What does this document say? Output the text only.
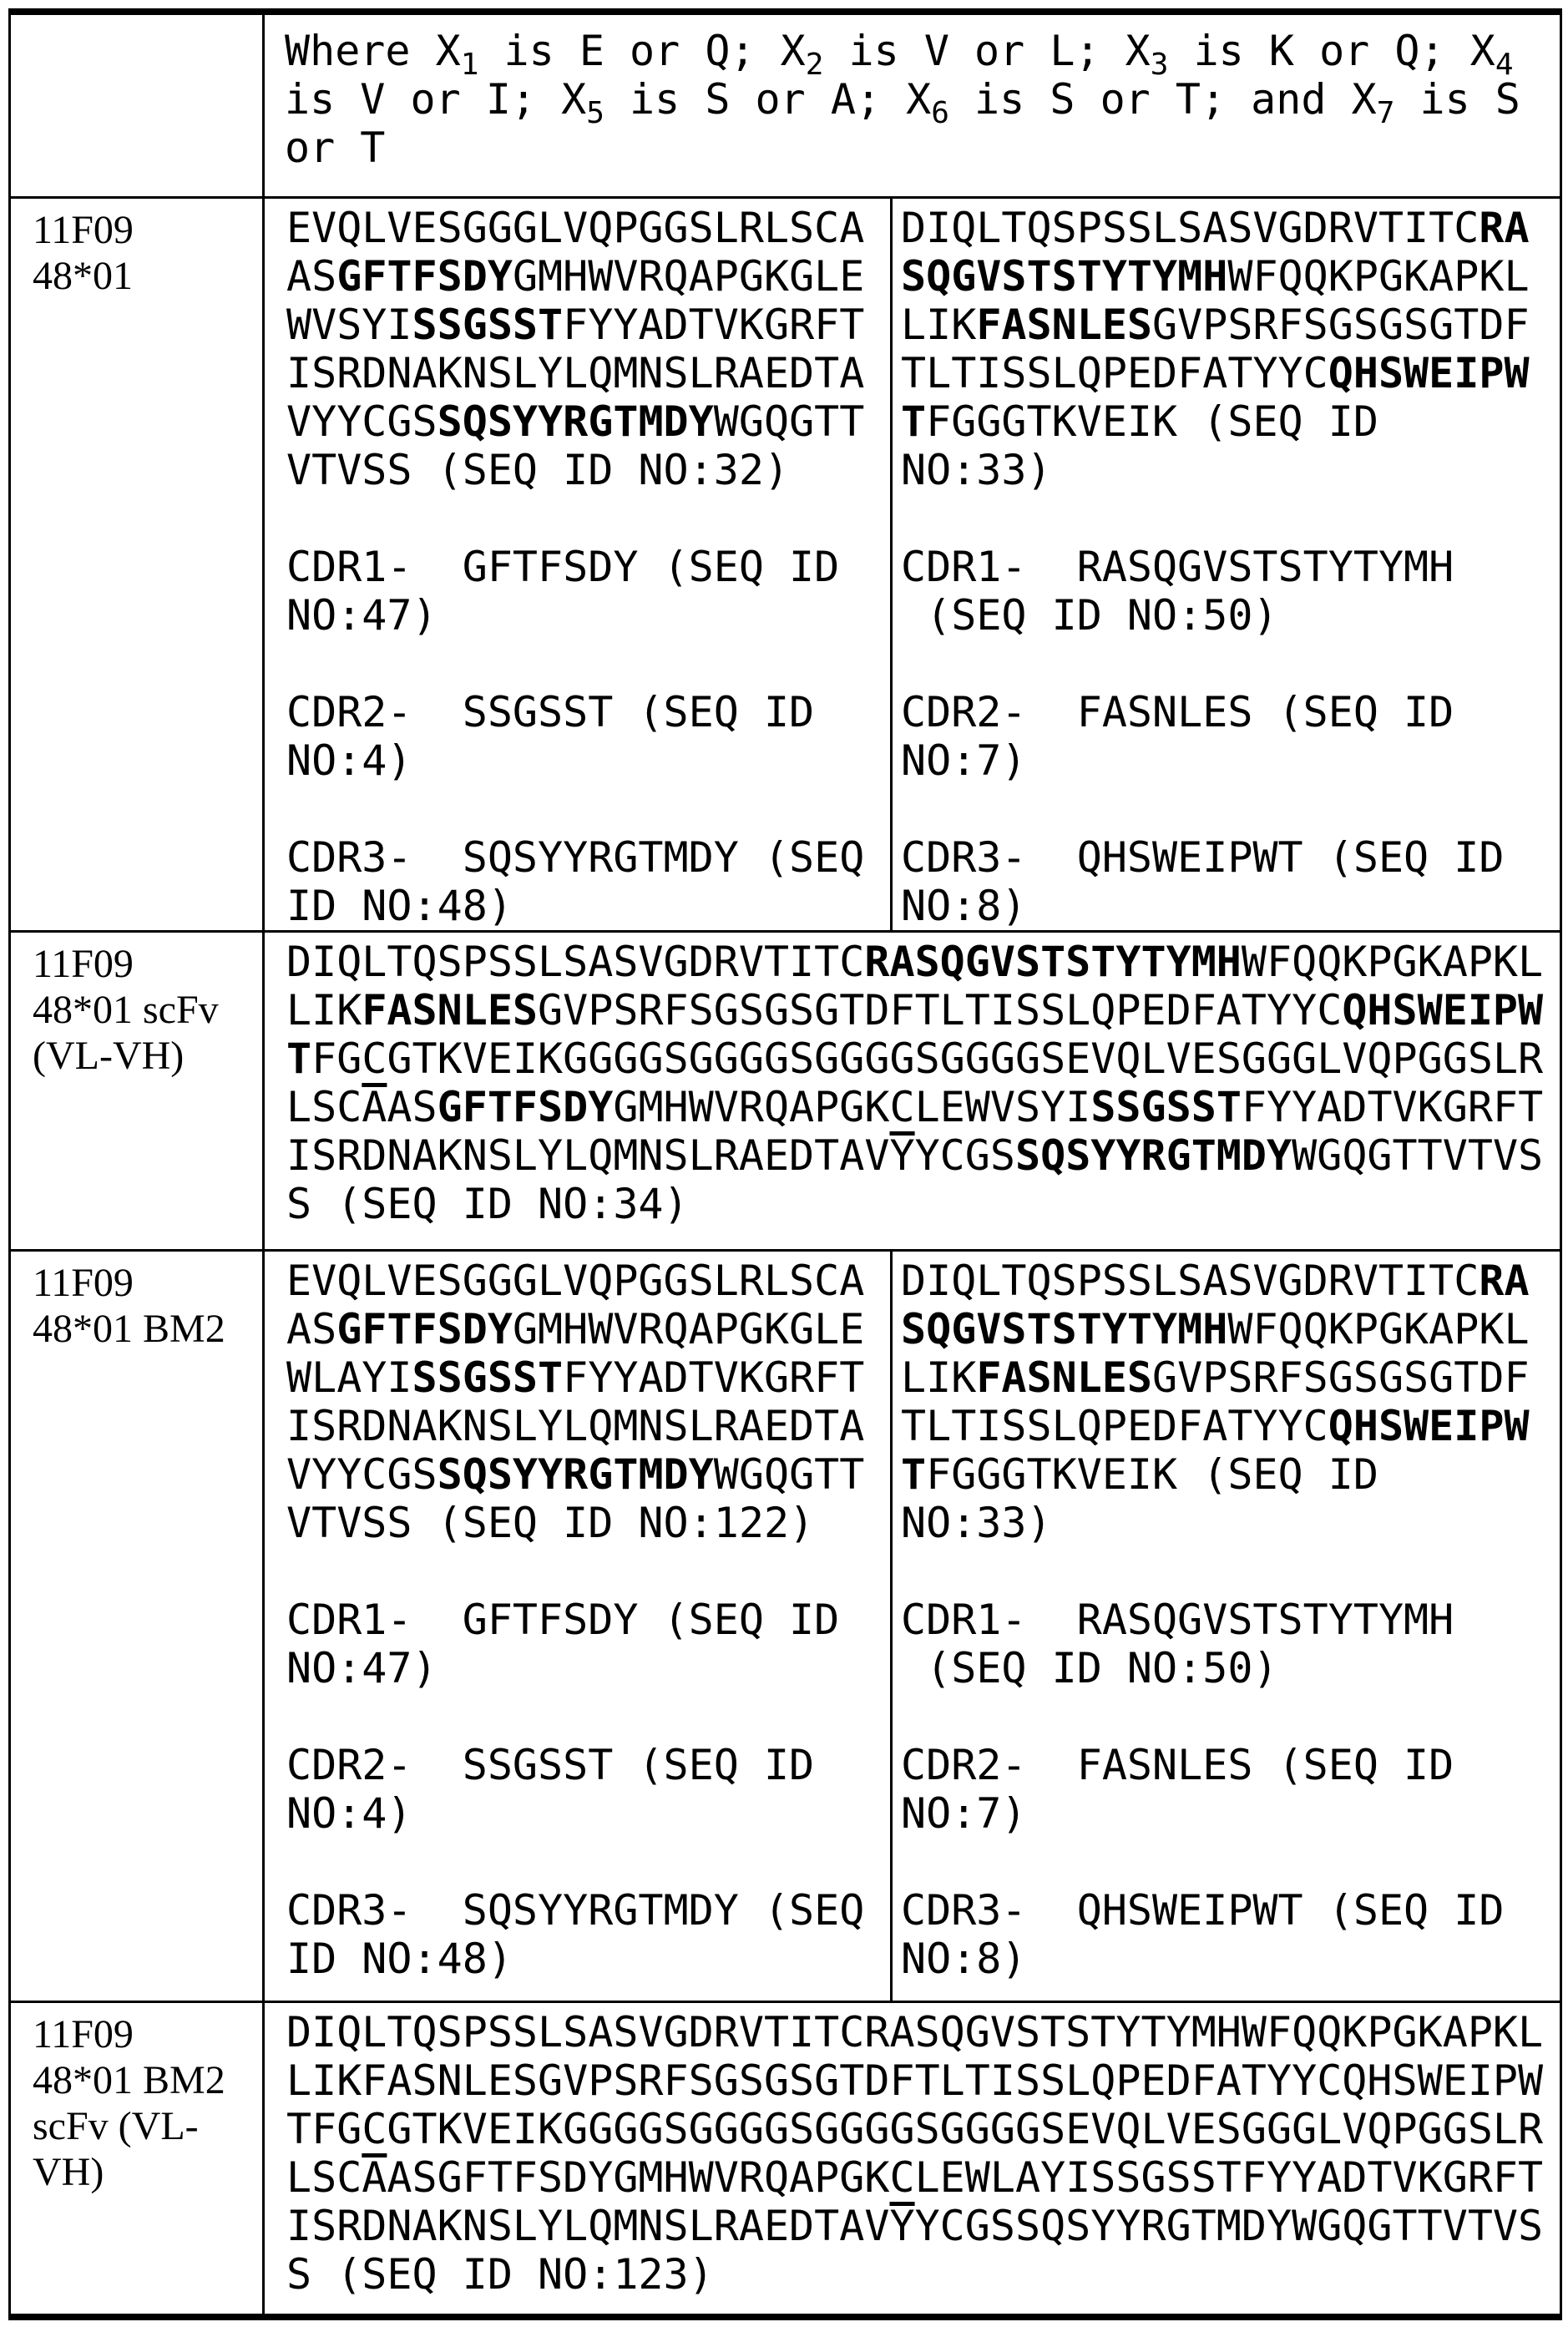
	Where $X_1$ is E or Q; $X_2$ is V or L; $X_3$ is K or Q; $X_4$
is V or I; $X_5$ is S or A; $X_6$ is S or T; and $X_7$ is S
or T	
11F09
48*01	EVQLVESGGGLVQPGGSLRLSCA
ASGFTFSDYGMHWVRQAPGKGLE
WVSYISSGSSTFYYADTVKGRFT
ISRDNAKNSLYLQMNSLRAEDTA
VYYCGSSQSYYRGTMDYWGQGTT
VTVSS (SEQ ID NO:32)

CDR1-  GFTFSDY (SEQ ID
NO:47)

CDR2-  SSGSST (SEQ ID
NO:4)

CDR3-  SQSYYRGTMDY (SEQ
ID NO:48)	DIQLTQSPSSLSASVGDRVTITCRA
SQGVSTSTYTYMHWFQQKPGKAPKL
LIKFASNLESGVPSRFSGSGSGTDF
TLTISSLQPEDFATYYCQHSWEIPW
TFGGGTKVEIK (SEQ ID
NO:33)

CDR1-  RASQGVSTSTYTYMH
(SEQ ID NO:50)

CDR2-  FASNLES (SEQ ID
NO:7)

CDR3-  QHSWEIPWT (SEQ ID
NO:8)
11F09
48*01 scFv
(VL-VH)	DIQLTQSPSSLSASVGDRVTITCRASQGVSTSTYTYMHWFQQKPGKAPKL
LIKFASNLESGVPSRFSGSGSGTDFTLTISSLQPEDFATYYCQHSWEIPW
TFGCGTKVEIKGGGGSGGGGSGGGGSGGGGSEVQLVESGGGLVQPGGSLR
LSCAASGFTFSDYGMHWVRQAPGKCLEWVSYISSGSSTFYYADTVKGRFT
ISRDNAKNSLYLQMNSLRAEDTAVYYCGSSQSYYRGTMDYWGQGTTVTVS
S (SEQ ID NO:34)
11F09
48*01 BM2	EVQLVESGGGLVQPGGSLRLSCA
ASGFTFSDYGMHWVRQAPGKGLE
WLAYISSGSSTFYYADTVKGRFT
ISRDNAKNSLYLQMNSLRAEDTA
VYYCGSSQSYYRGTMDYWGQGTT
VTVSS (SEQ ID NO:122)

CDR1-  GFTFSDY (SEQ ID
NO:47)

CDR2-  SSGSST (SEQ ID
NO:4)

CDR3-  SQSYYRGTMDY (SEQ
ID NO:48)	DIQLTQSPSSLSASVGDRVTITCRA
SQGVSTSTYTYMHWFQQKPGKAPKL
LIKFASNLESGVPSRFSGSGSGTDF
TLTISSLQPEDFATYYCQHSWEIPW
TFGGGTKVEIK (SEQ ID
NO:33)

CDR1-  RASQGVSTSTYTYMH
(SEQ ID NO:50)

CDR2-  FASNLES (SEQ ID
NO:7)

CDR3-  QHSWEIPWT (SEQ ID
NO:8)
11F09
48*01 BM2
scFv (VL-
VH)	DIQLTQSPSSLSASVGDRVTITCRASQGVSTSTYTYMHWFQQKPGKAPKL
LIKFASNLESGVPSRFSGSGSGTDFTLTISSLQPEDFATYYCQHSWEIPW
TFGCGTKVEIKGGGGSGGGGSGGGGSGGGGSEVQLVESGGGLVQPGGSLR
LSCAASGFTFSDYGMHWVRQAPGKCLEWLAYISSGSSTFYYADTVKGRFT
ISRDNAKNSLYLQMNSLRAEDTAVYYCGSSQSYYRGTMDYWGQGTTVTVS
S (SEQ ID NO:123)
